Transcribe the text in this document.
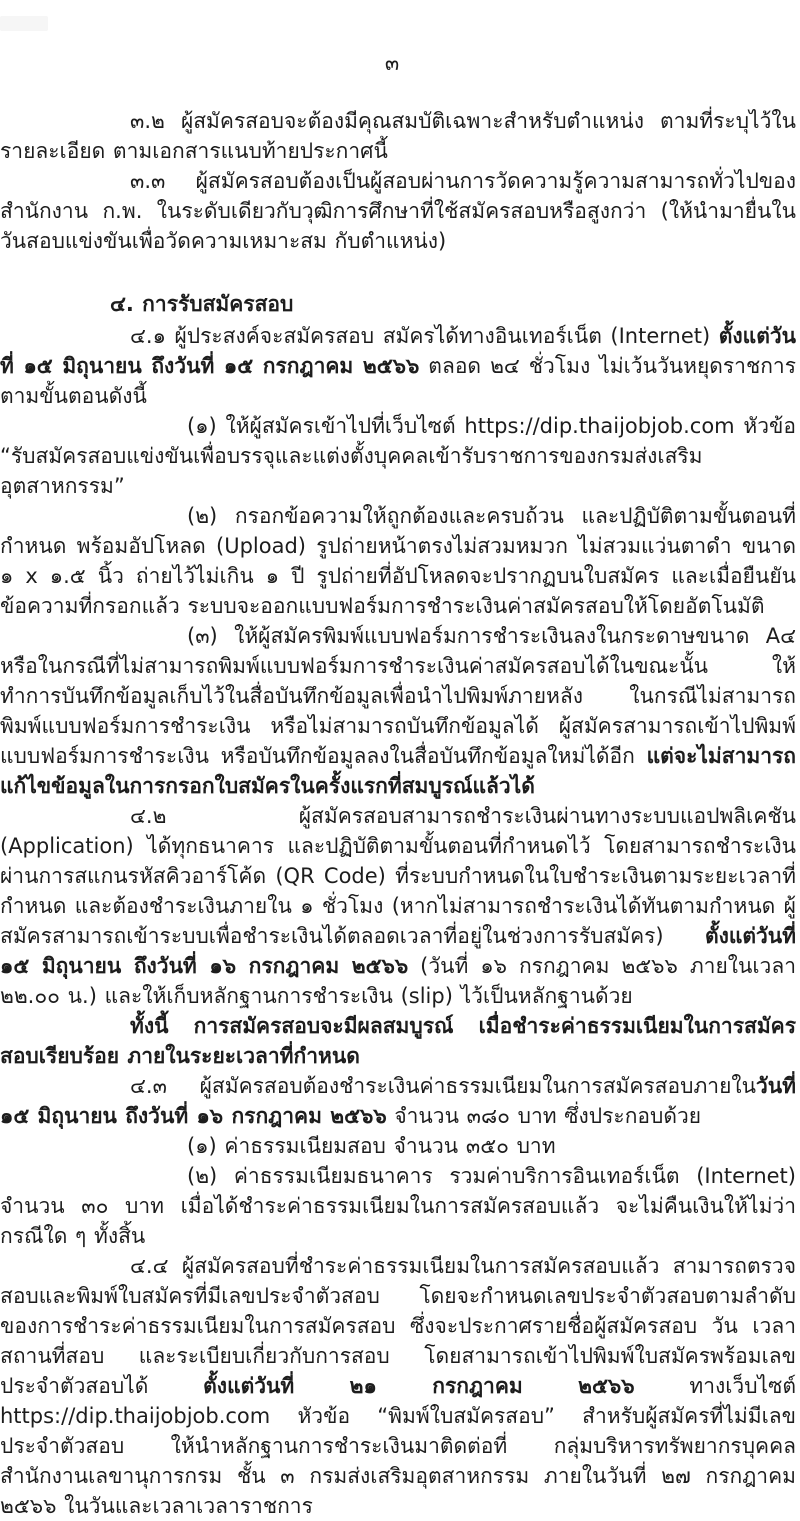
๓

๓.๒ ผู้สมัครสอบจะต้องมีคุณสมบัติเฉพาะสำหรับตำแหน่ง ตามที่ระบุไว้ในรายละเอียด ตามเอกสารแนบท้ายประกาศนี้

๓.๓ ผู้สมัครสอบต้องเป็นผู้สอบผ่านการวัดความรู้ความสามารถทั่วไปของสำนักงาน ก.พ. ในระดับเดียวกับวุฒิการศึกษาที่ใช้สมัครสอบหรือสูงกว่า (ให้นำมายื่นในวันสอบแข่งขันเพื่อวัดความเหมาะสม กับตำแหน่ง)

๔. การรับสมัครสอบ

๔.๑ ผู้ประสงค์จะสมัครสอบ สมัครได้ทางอินเทอร์เน็ต (Internet) ตั้งแต่วันที่ ๑๕ มิถุนายน ถึงวันที่ ๑๕ กรกฎาคม ๒๕๖๖ ตลอด ๒๔ ชั่วโมง ไม่เว้นวันหยุดราชการ ตามขั้นตอนดังนี้

(๑) ให้ผู้สมัครเข้าไปที่เว็บไซต์ https://dip.thaijobjob.com หัวข้อ “รับสมัครสอบแข่งขันเพื่อบรรจุและแต่งตั้งบุคคลเข้ารับราชการของกรมส่งเสริมอุตสาหกรรม”

(๒) กรอกข้อความให้ถูกต้องและครบถ้วน และปฏิบัติตามขั้นตอนที่กำหนด พร้อมอัปโหลด (Upload) รูปถ่ายหน้าตรงไม่สวมหมวก ไม่สวมแว่นตาดำ ขนาด ๑ x ๑.๕ นิ้ว ถ่ายไว้ไม่เกิน ๑ ปี รูปถ่ายที่อัปโหลดจะปรากฏบนใบสมัคร และเมื่อยืนยันข้อความที่กรอกแล้ว ระบบจะออกแบบฟอร์มการชำระเงินค่าสมัครสอบให้โดยอัตโนมัติ

(๓) ให้ผู้สมัครพิมพ์แบบฟอร์มการชำระเงินลงในกระดาษขนาด A๔ หรือในกรณีที่ไม่สามารถพิมพ์แบบฟอร์มการชำระเงินค่าสมัครสอบได้ในขณะนั้น ให้ทำการบันทึกข้อมูลเก็บไว้ในสื่อบันทึกข้อมูลเพื่อนำไปพิมพ์ภายหลัง ในกรณีไม่สามารถพิมพ์แบบฟอร์มการชำระเงิน หรือไม่สามารถบันทึกข้อมูลได้ ผู้สมัครสามารถเข้าไปพิมพ์แบบฟอร์มการชำระเงิน หรือบันทึกข้อมูลลงในสื่อบันทึกข้อมูลใหม่ได้อีก แต่จะไม่สามารถแก้ไขข้อมูลในการกรอกใบสมัครในครั้งแรกที่สมบูรณ์แล้วได้

๔.๒ ผู้สมัครสอบสามารถชำระเงินผ่านทางระบบแอปพลิเคชัน (Application) ได้ทุกธนาคาร และปฏิบัติตามขั้นตอนที่กำหนดไว้ โดยสามารถชำระเงินผ่านการสแกนรหัสคิวอาร์โค้ด (QR Code) ที่ระบบกำหนดในใบชำระเงินตามระยะเวลาที่กำหนด และต้องชำระเงินภายใน ๑ ชั่วโมง (หากไม่สามารถชำระเงินได้ทันตามกำหนด ผู้สมัครสามารถเข้าระบบเพื่อชำระเงินได้ตลอดเวลาที่อยู่ในช่วงการรับสมัคร) ตั้งแต่วันที่ ๑๕ มิถุนายน ถึงวันที่ ๑๖ กรกฎาคม ๒๕๖๖ (วันที่ ๑๖ กรกฎาคม ๒๕๖๖ ภายในเวลา ๒๒.๐๐ น.) และให้เก็บหลักฐานการชำระเงิน (slip) ไว้เป็นหลักฐานด้วย

ทั้งนี้ การสมัครสอบจะมีผลสมบูรณ์ เมื่อชำระค่าธรรมเนียมในการสมัครสอบเรียบร้อย ภายในระยะเวลาที่กำหนด

๔.๓ ผู้สมัครสอบต้องชำระเงินค่าธรรมเนียมในการสมัครสอบภายในวันที่ ๑๕ มิถุนายน ถึงวันที่ ๑๖ กรกฎาคม ๒๕๖๖ จำนวน ๓๘๐ บาท ซึ่งประกอบด้วย

(๑) ค่าธรรมเนียมสอบ จำนวน ๓๕๐ บาท

(๒) ค่าธรรมเนียมธนาคาร รวมค่าบริการอินเทอร์เน็ต (Internet) จำนวน ๓๐ บาท เมื่อได้ชำระค่าธรรมเนียมในการสมัครสอบแล้ว จะไม่คืนเงินให้ไม่ว่ากรณีใด ๆ ทั้งสิ้น

๔.๔ ผู้สมัครสอบที่ชำระค่าธรรมเนียมในการสมัครสอบแล้ว สามารถตรวจสอบและพิมพ์ใบสมัครที่มีเลขประจำตัวสอบ โดยจะกำหนดเลขประจำตัวสอบตามลำดับของการชำระค่าธรรมเนียมในการสมัครสอบ ซึ่งจะประกาศรายชื่อผู้สมัครสอบ วัน เวลา สถานที่สอบ และระเบียบเกี่ยวกับการสอบ โดยสามารถเข้าไปพิมพ์ใบสมัครพร้อมเลขประจำตัวสอบได้ ตั้งแต่วันที่ ๒๑ กรกฎาคม ๒๕๖๖ ทางเว็บไซต์ https://dip.thaijobjob.com หัวข้อ “พิมพ์ใบสมัครสอบ” สำหรับผู้สมัครที่ไม่มีเลขประจำตัวสอบ ให้นำหลักฐานการชำระเงินมาติดต่อที่ กลุ่มบริหารทรัพยากรบุคคล สำนักงานเลขานุการกรม ชั้น ๓ กรมส่งเสริมอุตสาหกรรม ภายในวันที่ ๒๗ กรกฎาคม ๒๕๖๖ ในวันและเวลาเวลาราชการ
